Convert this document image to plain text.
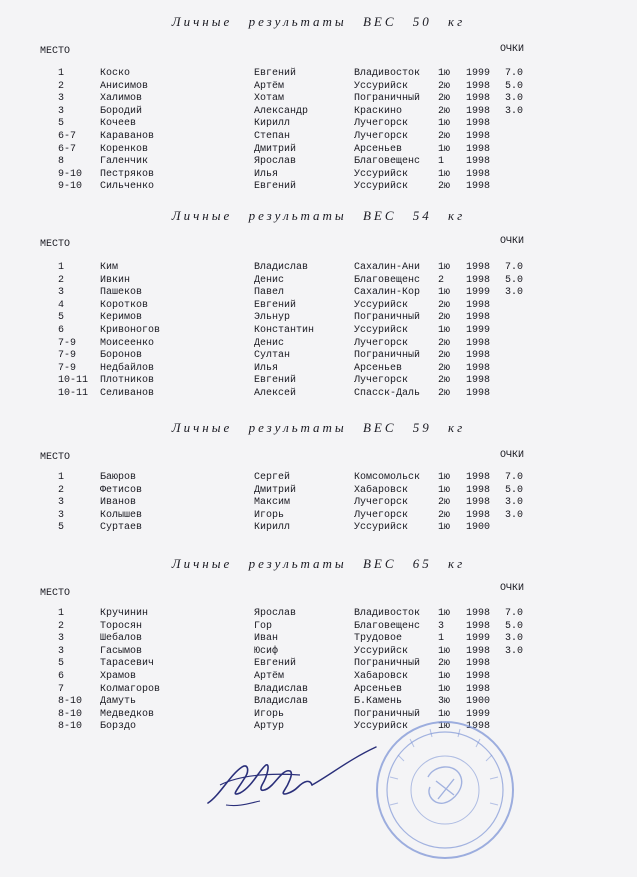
Личные результаты ВЕС 50 кг
МЕСТО	ОЧКИ
1	Коско	Евгений	Владивосток	1ю 1999 7.0
2	Анисимов	Артём	Уссурийск	2ю 1998 5.0
3	Халимов	Хотам	Пограничный	2ю 1998 3.0
3	Бородий	Александр	Краскино	2ю 1998 3.0
5	Кочеев	Кирилл	Лучегорск	1ю 1998
6-7 Караванов	Степан	Лучегорск	2ю 1998
6-7 Коренков	Дмитрий	Арсеньев	1ю 1998
8	Галенчик	Ярослав	Благовещенс	1 1998
9-10 Пестряков	Илья	Уссурийск	1ю 1998
9-10 Сильченко	Евгений	Уссурийск	2ю 1998
Личные результаты ВЕС 54 кг
МЕСТО	ОЧКИ
1	Ким	Владислав	Сахалин-Ани	1ю 1998 7.0
2	Ивкин	Денис	Благовещенс	2 1998 5.0
3	Пашеков	Павел	Сахалин-Кор	1ю 1999 3.0
4	Коротков	Евгений	Уссурийск	2ю 1998
5	Керимов	Эльнур	Пограничный	2ю 1998
6	Кривоногов	Константин	Уссурийск	1ю 1999
7-9 Моисеенко	Денис	Лучегорск	2ю 1998
7-9 Боронов	Султан	Пограничный	2ю 1998
7-9 Недбайлов	Илья	Арсеньев	2ю 1998
10-11 Плотников	Евгений	Лучегорск	2ю 1998
10-11 Селиванов	Алексей	Спасск-Даль	2ю 1998
Личные результаты ВЕС 59 кг
МЕСТО	ОЧКИ
1	Баюров	Сергей	Комсомольск	1ю 1998 7.0
2	Фетисов	Дмитрий	Хабаровск	1ю 1998 5.0
3	Иванов	Максим	Лучегорск	2ю 1998 3.0
3	Колышев	Игорь	Лучегорск	2ю 1998 3.0
5	Суртаев	Кирилл	Уссурийск	1ю 1900
Личные результаты ВЕС 65 кг
МЕСТО	ОЧКИ
1	Кручинин	Ярослав	Владивосток	1ю 1998 7.0
2	Торосян	Гор	Благовещенс	3 1998 5.0
3	Шебалов	Иван	Трудовое	1 1999 3.0
3	Гасымов	Юсиф	Уссурийск	1ю 1998 3.0
5	Тарасевич	Евгений	Пограничный	2ю 1998
6	Храмов	Артём	Хабаровск	1ю 1998
7	Колмагоров	Владислав	Арсеньев	1ю 1998
8-10 Дамуть	Владислав	Б.Камень	3ю 1900
8-10 Медведков	Игорь	Пограничный	1ю 1999
8-10 Борздо	Артур	Уссурийск	1ю 1998
